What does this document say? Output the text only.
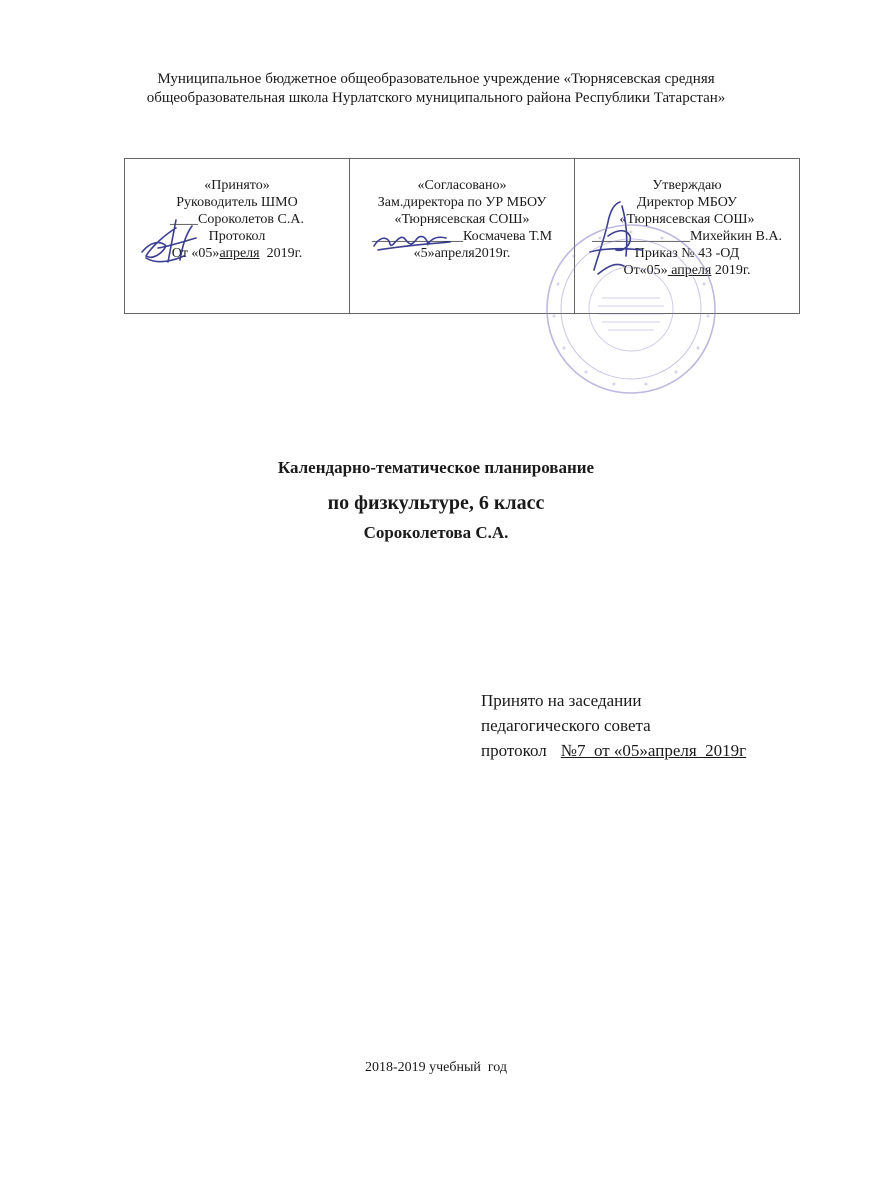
Муниципальное бюджетное общеобразовательное учреждение «Тюрнясевская средняя
общеобразовательная школа Нурлатского муниципального района Республики Татарстан»
«Принято»
Руководитель ШМО
____Сороколетов С.А.
Протокол
От «05»апреля  2019г.

«Согласовано»
Зам.директора по УР МБОУ
«Тюрнясевская СОШ»
_____________Космачева Т.М
«5»апреля2019г.

Утверждаю
Директор МБОУ
«Тюрнясевская СОШ»
______________Михейкин В.А.
Приказ № 43 -ОД
От«05» апреля 2019г.
Календарно-тематическое планирование
по физкультуре, 6 класс
Сороколетова С.А.
Принято на заседании
педагогического совета
протокол №7  от «05»апреля  2019г
2018-2019 учебный  год
